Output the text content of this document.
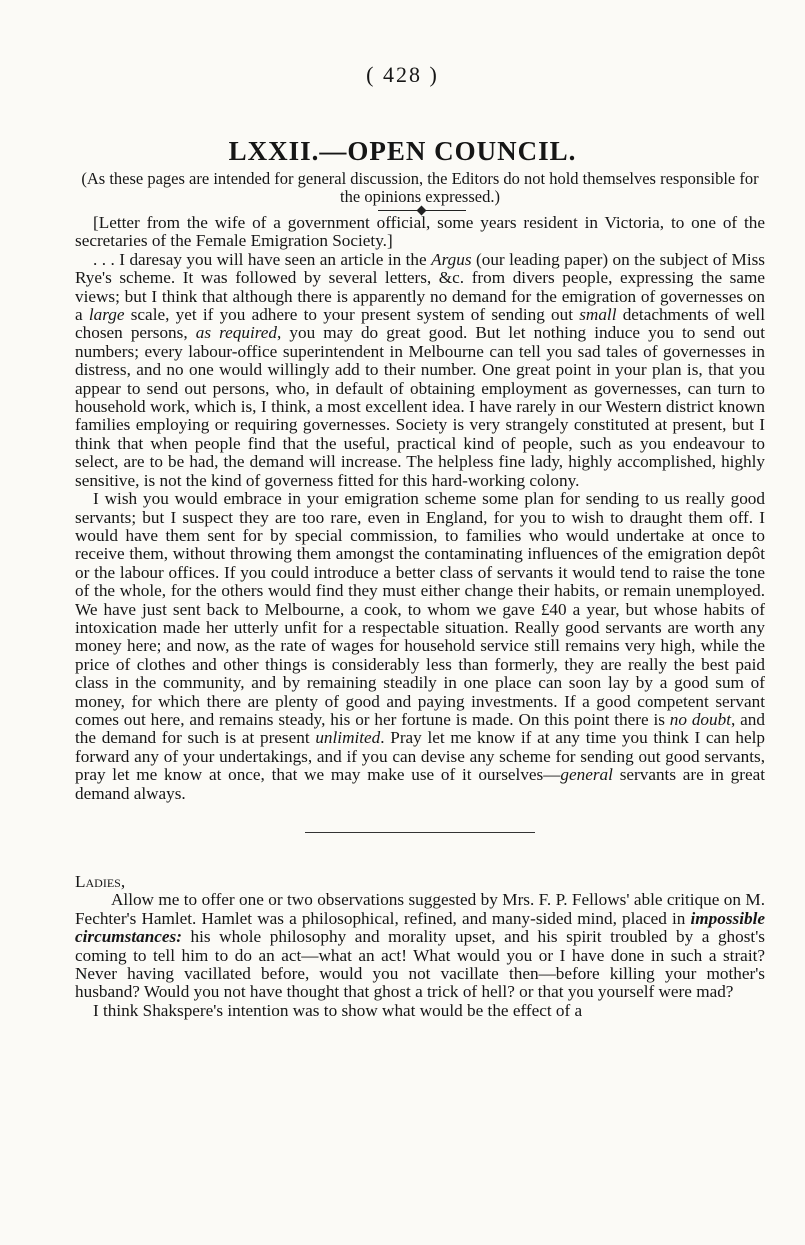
( 428 )
LXXII.—OPEN COUNCIL.
(As these pages are intended for general discussion, the Editors do not hold themselves responsible for the opinions expressed.)

[Letter from the wife of a government official, some years resident in Victoria, to one of the secretaries of the Female Emigration Society.]

. . . I daresay you will have seen an article in the Argus (our leading paper) on the subject of Miss Rye's scheme. It was followed by several letters, &c. from divers people, expressing the same views; but I think that although there is apparently no demand for the emigration of governesses on a large scale, yet if you adhere to your present system of sending out small detachments of well chosen persons, as required, you may do great good. But let nothing induce you to send out numbers; every labour-office superintendent in Melbourne can tell you sad tales of governesses in distress, and no one would willingly add to their number. One great point in your plan is, that you appear to send out persons, who, in default of obtaining employment as governesses, can turn to household work, which is, I think, a most excellent idea. I have rarely in our Western district known families employing or requiring governesses. Society is very strangely constituted at present, but I think that when people find that the useful, practical kind of people, such as you endeavour to select, are to be had, the demand will increase. The helpless fine lady, highly accomplished, highly sensitive, is not the kind of governess fitted for this hard-working colony.

I wish you would embrace in your emigration scheme some plan for sending to us really good servants; but I suspect they are too rare, even in England, for you to wish to draught them off. I would have them sent for by special commission, to families who would undertake at once to receive them, without throwing them amongst the contaminating influences of the emigration depôt or the labour offices. If you could introduce a better class of servants it would tend to raise the tone of the whole, for the others would find they must either change their habits, or remain unemployed. We have just sent back to Melbourne, a cook, to whom we gave £40 a year, but whose habits of intoxication made her utterly unfit for a respectable situation. Really good servants are worth any money here; and now, as the rate of wages for household service still remains very high, while the price of clothes and other things is considerably less than formerly, they are really the best paid class in the community, and by remaining steadily in one place can soon lay by a good sum of money, for which there are plenty of good and paying investments. If a good competent servant comes out here, and remains steady, his or her fortune is made. On this point there is no doubt, and the demand for such is at present unlimited. Pray let me know if at any time you think I can help forward any of your undertakings, and if you can devise any scheme for sending out good servants, pray let me know at once, that we may make use of it ourselves—general servants are in great demand always.

Ladies,

Allow me to offer one or two observations suggested by Mrs. F. P. Fellows' able critique on M. Fechter's Hamlet. Hamlet was a philosophical, refined, and many-sided mind, placed in impossible circumstances: his whole philosophy and morality upset, and his spirit troubled by a ghost's coming to tell him to do an act—what an act! What would you or I have done in such a strait? Never having vacillated before, would you not vacillate then—before killing your mother's husband? Would you not have thought that ghost a trick of hell? or that you yourself were mad?

I think Shakspere's intention was to show what would be the effect of a
